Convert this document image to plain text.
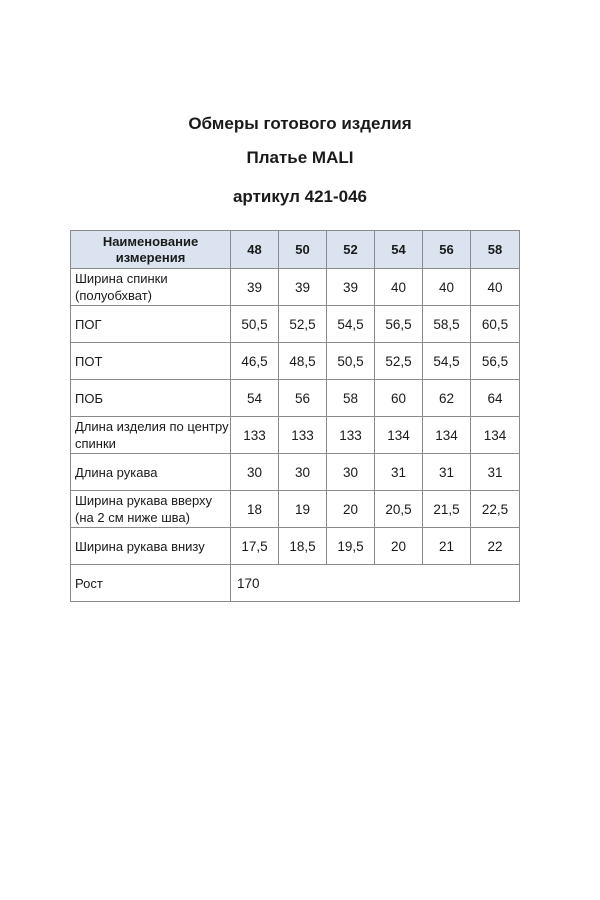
Обмеры готового изделия
Платье MALI
артикул 421-046
Наименование измерения	48	50	52	54	56	58
Ширина спинки (полуобхват)	39	39	39	40	40	40
ПОГ	50,5	52,5	54,5	56,5	58,5	60,5
ПОТ	46,5	48,5	50,5	52,5	54,5	56,5
ПОБ	54	56	58	60	62	64
Длина изделия по центру спинки	133	133	133	134	134	134
Длина рукава	30	30	30	31	31	31
Ширина рукава вверху (на 2 см ниже шва)	18	19	20	20,5	21,5	22,5
Ширина рукава внизу	17,5	18,5	19,5	20	21	22
Рост	170					
